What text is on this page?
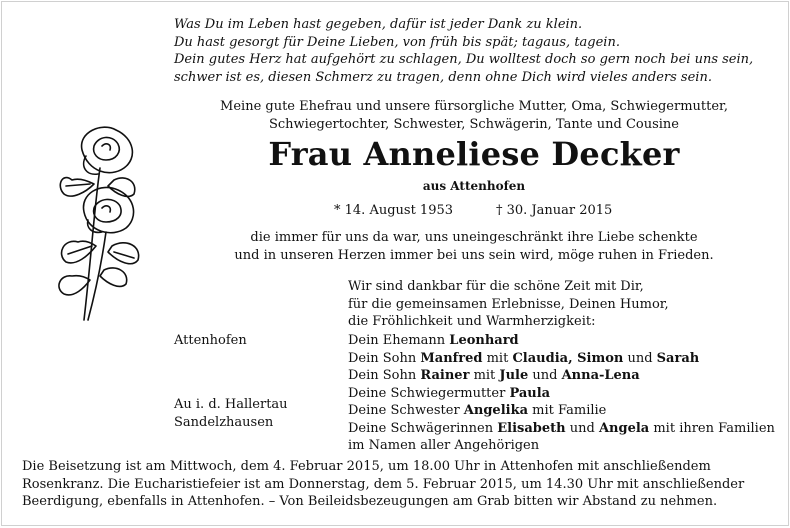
Was Du im Leben hast gegeben, dafür ist jeder Dank zu klein.
Du hast gesorgt für Deine Lieben, von früh bis spät; tagaus, tagein.
Dein gutes Herz hat aufgehört zu schlagen, Du wolltest doch so gern noch bei uns sein,
schwer ist es, diesen Schmerz zu tragen, denn ohne Dich wird vieles anders sein.
Meine gute Ehefrau und unsere fürsorgliche Mutter, Oma, Schwiegermutter,
Schwiegertochter, Schwester, Schwägerin, Tante und Cousine
Frau Anneliese Decker
aus Attenhofen
* 14. August 1953	† 30. Januar 2015
die immer für uns da war, uns uneingeschränkt ihre Liebe schenkte
und in unseren Herzen immer bei uns sein wird, möge ruhen in Frieden.
Wir sind dankbar für die schöne Zeit mit Dir,
für die gemeinsamen Erlebnisse, Deinen Humor,
die Fröhlichkeit und Warmherzigkeit:
Attenhofen
Au i. d. Hallertau
Sandelzhausen
Dein Ehemann Leonhard
Dein Sohn Manfred mit Claudia, Simon und Sarah
Dein Sohn Rainer mit Jule und Anna-Lena
Deine Schwiegermutter Paula
Deine Schwester Angelika mit Familie
Deine Schwägerinnen Elisabeth und Angela mit ihren Familien
im Namen aller Angehörigen
Die Beisetzung ist am Mittwoch, dem 4. Februar 2015, um 18.00 Uhr in Attenhofen mit anschließendem
Rosenkranz. Die Eucharistiefeier ist am Donnerstag, dem 5. Februar 2015, um 14.30 Uhr mit anschließender
Beerdigung, ebenfalls in Attenhofen. – Von Beileidsbezeugungen am Grab bitten wir Abstand zu nehmen.
